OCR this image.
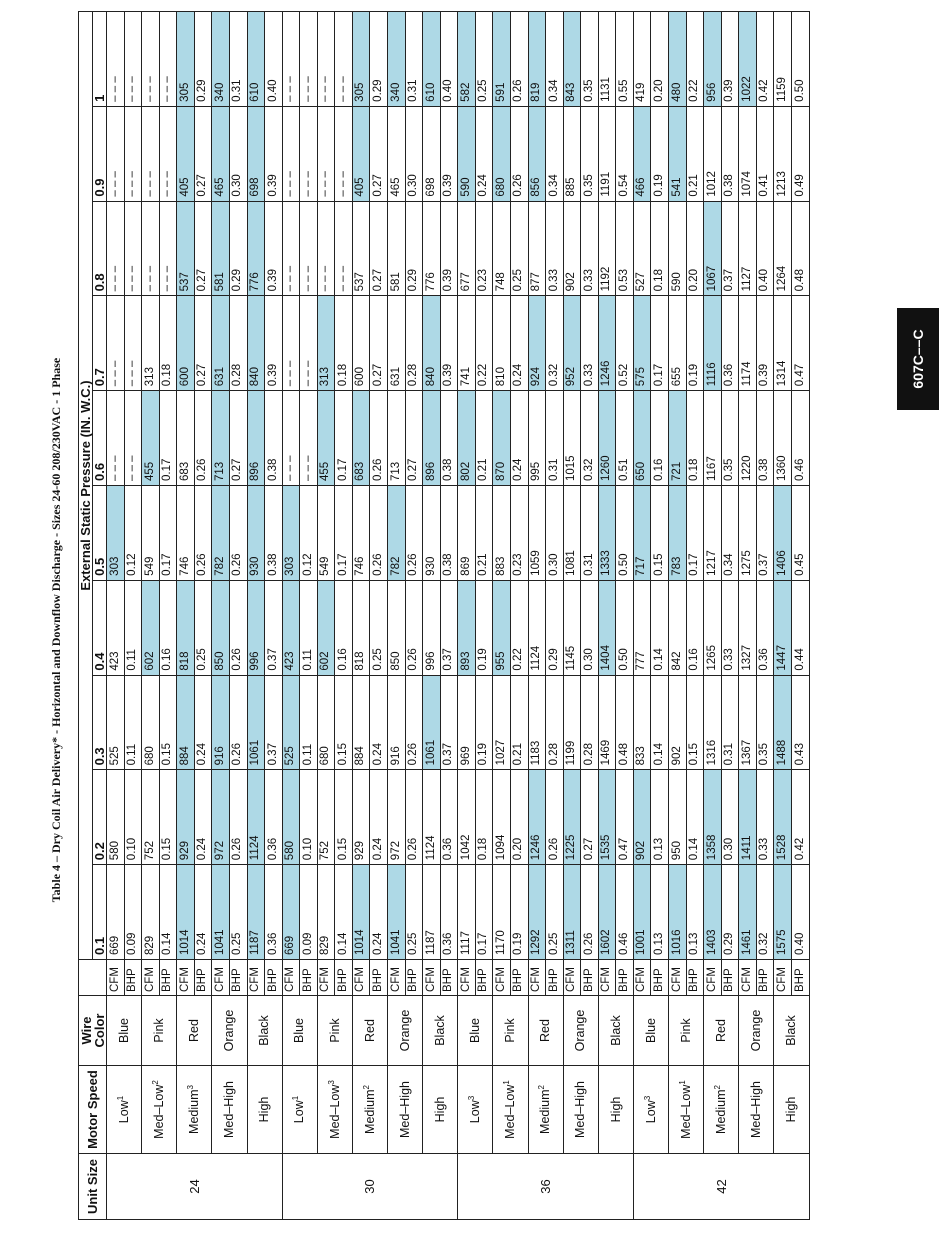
Table 4 – Dry Coil Air Delivery* - Horizontal and Downflow Discharge - Sizes 24-60 208/230VAC - 1 Phase	607C––C
Unit Size	Motor Speed	Wire Color		External Static Pressure (IN. W.C.)									
				0.1	0.2	0.3	0.4	0.5	0.6	0.7	0.8	0.9	1
24	Low$^1$	Blue	CFM	669	580	525	423	303	– – –	– – –	– – –	– – –	– – –
			BHP	0.09	0.10	0.11	0.11	0.12	– – –	– – –	– – –	– – –	– – –
	Med–Low$^2$	Pink	CFM	829	752	680	602	549	455	313	– – –	– – –	– – –
			BHP	0.14	0.15	0.15	0.16	0.17	0.17	0.18	– – –	– – –	– – –
	Medium$^3$	Red	CFM	1014	929	884	818	746	683	600	537	405	305
			BHP	0.24	0.24	0.24	0.25	0.26	0.26	0.27	0.27	0.27	0.29
	Med–High	Orange	CFM	1041	972	916	850	782	713	631	581	465	340
			BHP	0.25	0.26	0.26	0.26	0.26	0.27	0.28	0.29	0.30	0.31
	High	Black	CFM	1187	1124	1061	996	930	896	840	776	698	610
			BHP	0.36	0.36	0.37	0.37	0.38	0.38	0.39	0.39	0.39	0.40
30	Low$^1$	Blue	CFM	669	580	525	423	303	– – –	– – –	– – –	– – –	– – –
			BHP	0.09	0.10	0.11	0.11	0.12	– – –	– – –	– – –	– – –	– – –
	Med–Low$^3$	Pink	CFM	829	752	680	602	549	455	313	– – –	– – –	– – –
			BHP	0.14	0.15	0.15	0.16	0.17	0.17	0.18	– – –	– – –	– – –
	Medium$^2$	Red	CFM	1014	929	884	818	746	683	600	537	405	305
			BHP	0.24	0.24	0.24	0.25	0.26	0.26	0.27	0.27	0.27	0.29
	Med–High	Orange	CFM	1041	972	916	850	782	713	631	581	465	340
			BHP	0.25	0.26	0.26	0.26	0.26	0.27	0.28	0.29	0.30	0.31
	High	Black	CFM	1187	1124	1061	996	930	896	840	776	698	610
			BHP	0.36	0.36	0.37	0.37	0.38	0.38	0.39	0.39	0.39	0.40
36	Low$^3$	Blue	CFM	1117	1042	969	893	869	802	741	677	590	582
			BHP	0.17	0.18	0.19	0.19	0.21	0.21	0.22	0.23	0.24	0.25
	Med–Low$^1$	Pink	CFM	1170	1094	1027	955	883	870	810	748	680	591
			BHP	0.19	0.20	0.21	0.22	0.23	0.24	0.24	0.25	0.26	0.26
	Medium$^2$	Red	CFM	1292	1246	1183	1124	1059	995	924	877	856	819
			BHP	0.25	0.26	0.28	0.29	0.30	0.31	0.32	0.33	0.34	0.34
	Med–High	Orange	CFM	1311	1225	1199	1145	1081	1015	952	902	885	843
			BHP	0.26	0.27	0.28	0.30	0.31	0.32	0.33	0.33	0.35	0.35
	High	Black	CFM	1602	1535	1469	1404	1333	1260	1246	1192	1191	1131
			BHP	0.46	0.47	0.48	0.50	0.50	0.51	0.52	0.53	0.54	0.55
42	Low$^3$	Blue	CFM	1001	902	833	777	717	650	575	527	466	419
			BHP	0.13	0.13	0.14	0.14	0.15	0.16	0.17	0.18	0.19	0.20
	Med–Low$^1$	Pink	CFM	1016	950	902	842	783	721	655	590	541	480
			BHP	0.13	0.14	0.15	0.16	0.17	0.18	0.19	0.20	0.21	0.22
	Medium$^2$	Red	CFM	1403	1358	1316	1265	1217	1167	1116	1067	1012	956
			BHP	0.29	0.30	0.31	0.33	0.34	0.35	0.36	0.37	0.38	0.39
	Med–High	Orange	CFM	1461	1411	1367	1327	1275	1220	1174	1127	1074	1022
			BHP	0.32	0.33	0.35	0.36	0.37	0.38	0.39	0.40	0.41	0.42
	High	Black	CFM	1575	1528	1488	1447	1406	1360	1314	1264	1213	1159
			BHP	0.40	0.42	0.43	0.44	0.45	0.46	0.47	0.48	0.49	0.50
